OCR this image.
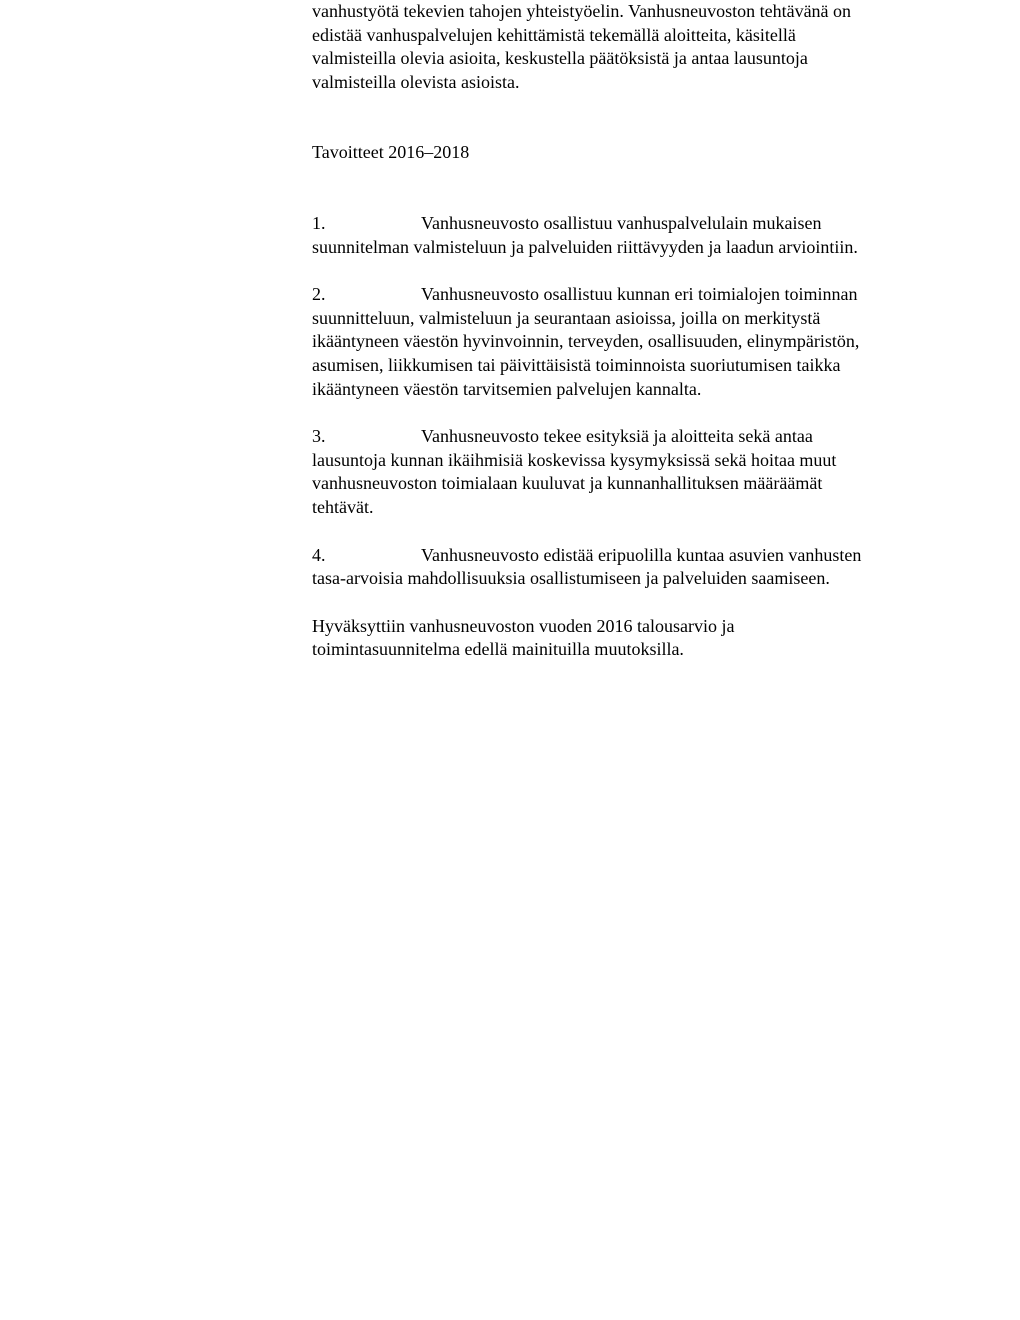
vanhustyötä tekevien tahojen yhteistyöelin. Vanhusneuvoston tehtävänä on
edistää vanhuspalvelujen kehittämistä tekemällä aloitteita, käsitellä
valmisteilla olevia asioita, keskustella päätöksistä ja antaa lausuntoja
valmisteilla olevista asioista.

Tavoitteet 2016–2018

1.	Vanhusneuvosto osallistuu vanhuspalvelulain mukaisen
suunnitelman valmisteluun ja palveluiden riittävyyden ja laadun arviointiin.
2.	Vanhusneuvosto osallistuu kunnan eri toimialojen toiminnan
suunnitteluun, valmisteluun ja seurantaan asioissa, joilla on merkitystä
ikääntyneen väestön hyvinvoinnin, terveyden, osallisuuden, elinympäristön,
asumisen, liikkumisen tai päivittäisistä toiminnoista suoriutumisen taikka
ikääntyneen väestön tarvitsemien palvelujen kannalta.
3.	Vanhusneuvosto tekee esityksiä ja aloitteita sekä antaa
lausuntoja kunnan ikäihmisiä koskevissa kysymyksissä sekä hoitaa muut
vanhusneuvoston toimialaan kuuluvat ja kunnanhallituksen määräämät
tehtävät.
4.	Vanhusneuvosto edistää eripuolilla kuntaa asuvien vanhusten
tasa-arvoisia mahdollisuuksia osallistumiseen ja palveluiden saamiseen.

Hyväksyttiin vanhusneuvoston vuoden 2016 talousarvio ja
toimintasuunnitelma edellä mainituilla muutoksilla.
